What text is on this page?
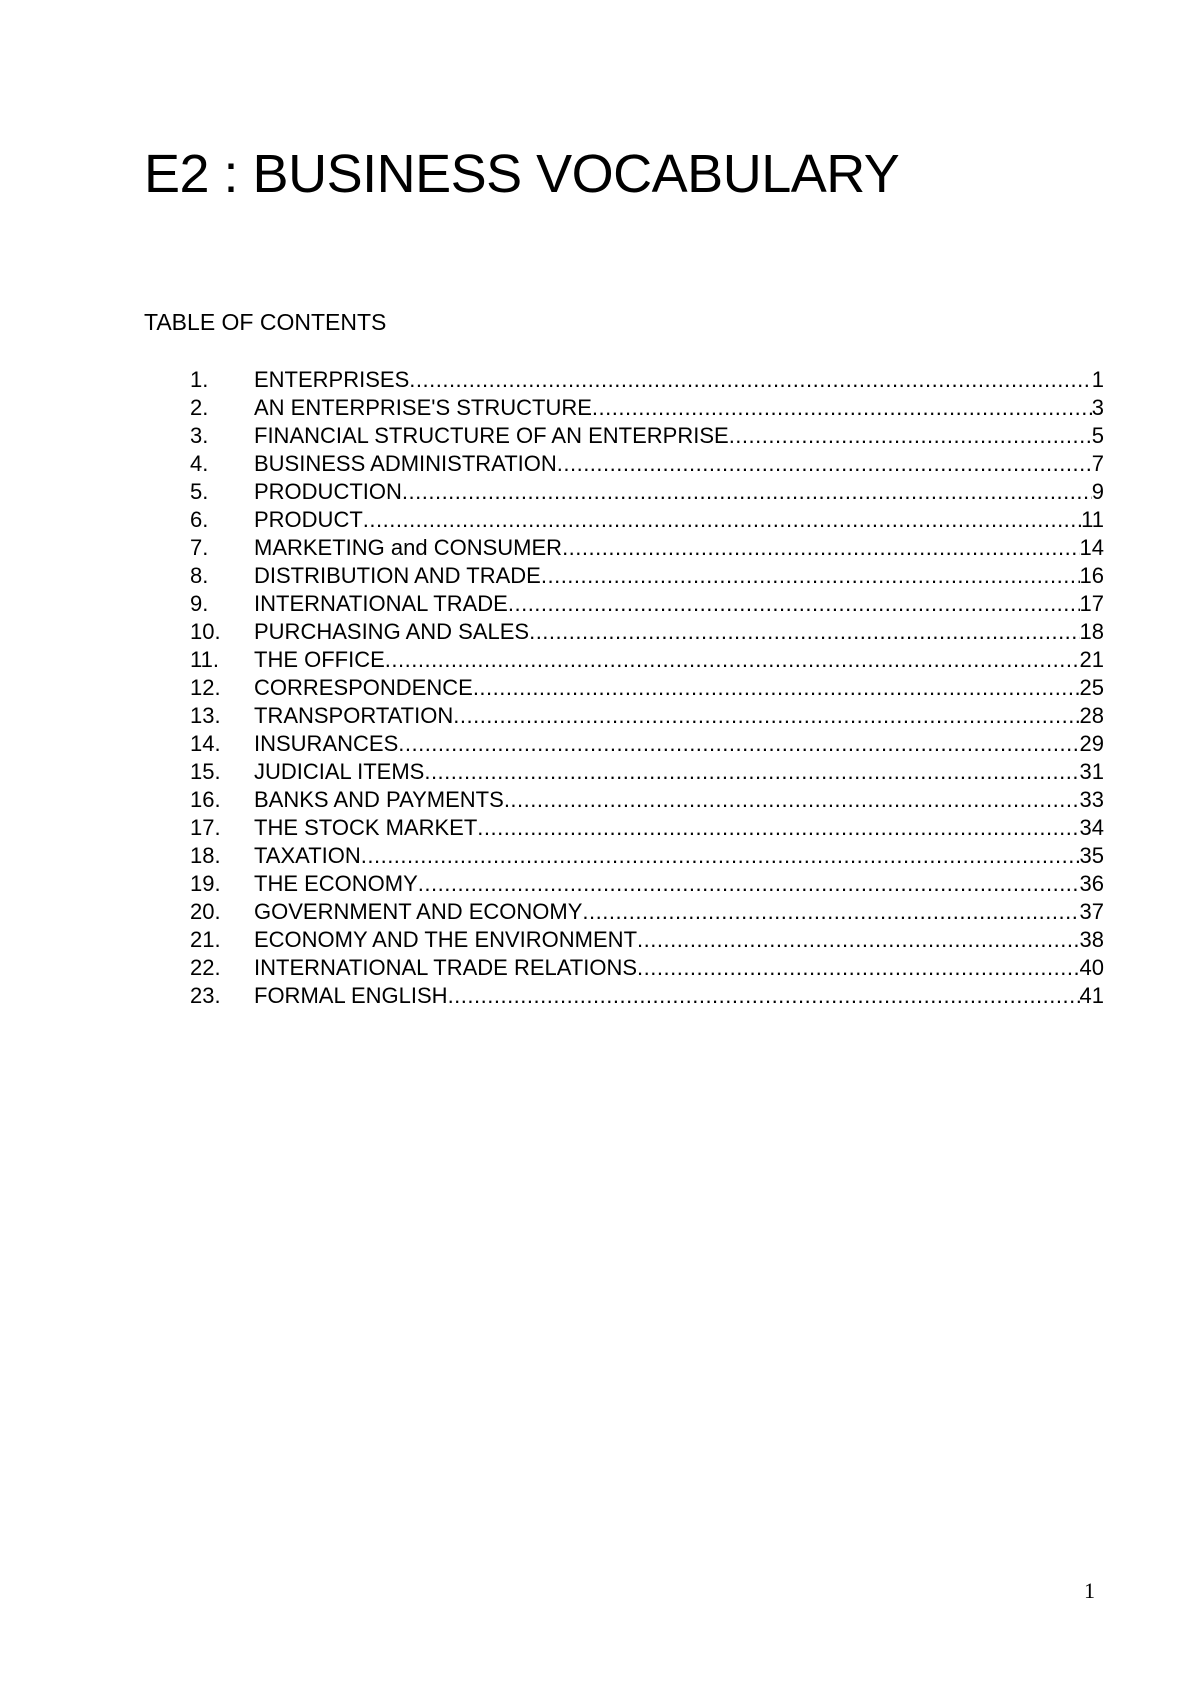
E2 : BUSINESS VOCABULARY
TABLE OF CONTENTS
1.	ENTERPRISES .....	1
2.	AN ENTERPRISE'S STRUCTURE .....	3
3.	FINANCIAL STRUCTURE OF AN ENTERPRISE .....	5
4.	BUSINESS ADMINISTRATION .....	7
5.	PRODUCTION .....	9
6.	PRODUCT .....	11
7.	MARKETING and CONSUMER .....	14
8.	DISTRIBUTION AND TRADE .....	16
9.	INTERNATIONAL TRADE .....	17
10.	PURCHASING AND SALES .....	18
11.	THE OFFICE .....	21
12.	CORRESPONDENCE .....	25
13.	TRANSPORTATION .....	28
14.	INSURANCES .....	29
15.	JUDICIAL ITEMS .....	31
16.	BANKS AND PAYMENTS .....	33
17.	THE STOCK MARKET .....	34
18.	TAXATION .....	35
19.	THE ECONOMY .....	36
20.	GOVERNMENT AND ECONOMY .....	37
21.	ECONOMY AND THE ENVIRONMENT .....	38
22.	INTERNATIONAL TRADE RELATIONS .....	40
23.	FORMAL ENGLISH .....	41
1
